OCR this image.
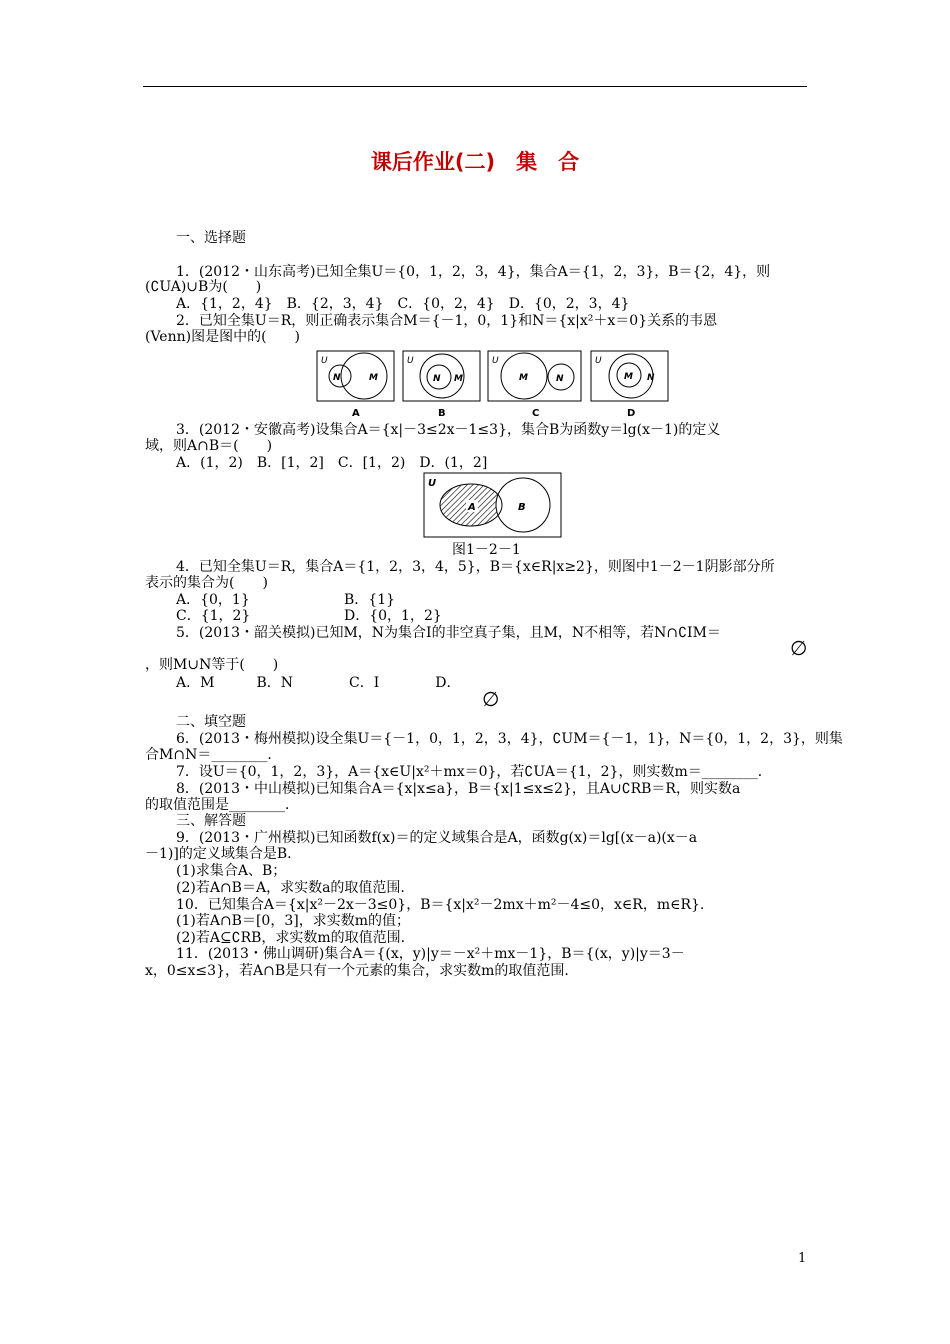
课后作业(二)　集　合
一、选择题
1．(2012・山东高考)已知全集U＝{0，1，2，3，4}，集合A＝{1，2，3}，B＝{2，4}，则
(∁UA)∪B为(　　)
A．{1，2，4}　B．{2，3，4}　C．{0，2，4}　D．{0，2，3，4}
2．已知全集U＝R，则正确表示集合M＝{－1，0，1}和N＝{x|x²＋x＝0}关系的韦恩
(Venn)图是图中的(　　)
U
N	M
A
U
N M
B
U
M	N
C
U
M N
D
3．(2012・安徽高考)设集合A＝{x|－3≤2x－1≤3}，集合B为函数y＝lg(x－1)的定义
域，则A∩B＝(　　)
A．(1，2)　B．[1，2]　C．[1，2)　D．(1，2]
U
A	B
图1－2－1
4．已知全集U＝R，集合A＝{1，2，3，4，5}，B＝{x∈R|x≥2}，则图中1－2－1阴影部分所
表示的集合为(　　)
A．{0，1}	B．{1}
C．{1，2}	D．{0，1，2}
5．(2013・韶关模拟)已知M，N为集合I的非空真子集，且M，N不相等，若N∩∁IM＝
∅
，则M∪N等于(　　)
A．M　　　B．N　　　　C．I　　　　D．
∅
二、填空题
6．(2013・梅州模拟)设全集U＝{－1，0，1，2，3，4}，∁UM＝{－1，1}，N＝{0，1，2，3}，则集
合M∩N＝________．
7．设U＝{0，1，2，3}，A＝{x∈U|x²＋mx＝0}，若∁UA＝{1，2}，则实数m＝________．
8．(2013・中山模拟)已知集合A＝{x|x≤a}，B＝{x|1≤x≤2}，且A∪∁RB＝R，则实数a
的取值范围是________．
三、解答题
9．(2013・广州模拟)已知函数f(x)＝的定义域集合是A，函数g(x)＝lg[(x－a)(x－a
－1)]的定义域集合是B.
(1)求集合A、B；
(2)若A∩B＝A，求实数a的取值范围.
10．已知集合A＝{x|x²－2x－3≤0}，B＝{x|x²－2mx＋m²－4≤0，x∈R，m∈R}.
(1)若A∩B＝[0，3]，求实数m的值；
(2)若A⊆∁RB，求实数m的取值范围.
11．(2013・佛山调研)集合A＝{(x，y)|y＝－x²＋mx－1}，B＝{(x，y)|y＝3－
x，0≤x≤3}，若A∩B是只有一个元素的集合，求实数m的取值范围.
1
